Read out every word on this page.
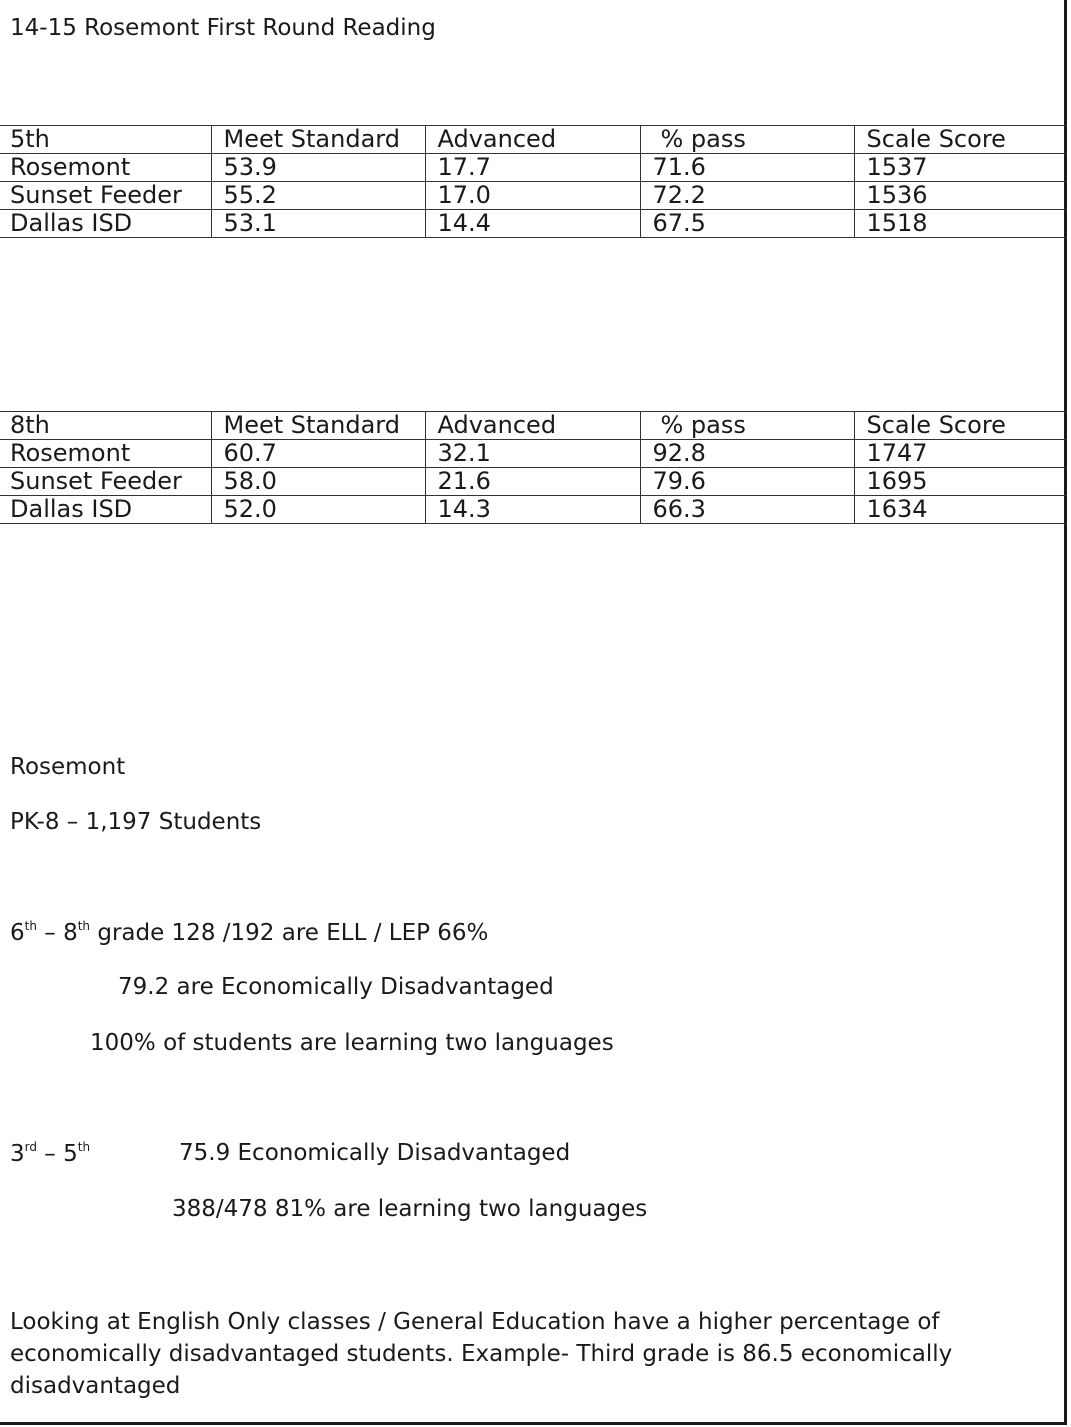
14-15 Rosemont First Round Reading
5th	Meet Standard	Advanced	% pass	Scale Score
Rosemont	53.9	17.7	71.6	1537
Sunset Feeder	55.2	17.0	72.2	1536
Dallas ISD	53.1	14.4	67.5	1518
8th	Meet Standard	Advanced	% pass	Scale Score
Rosemont	60.7	32.1	92.8	1747
Sunset Feeder	58.0	21.6	79.6	1695
Dallas ISD	52.0	14.3	66.3	1634
Rosemont
PK-8 – 1,197 Students
6th – 8th grade 128 /192 are ELL / LEP 66%
79.2 are Economically Disadvantaged
100% of students are learning two languages
3rd – 5th	75.9 Economically Disadvantaged
388/478 81% are learning two languages
Looking at English Only classes / General Education have a higher percentage of economically disadvantaged students. Example- Third grade is 86.5 economically disadvantaged
